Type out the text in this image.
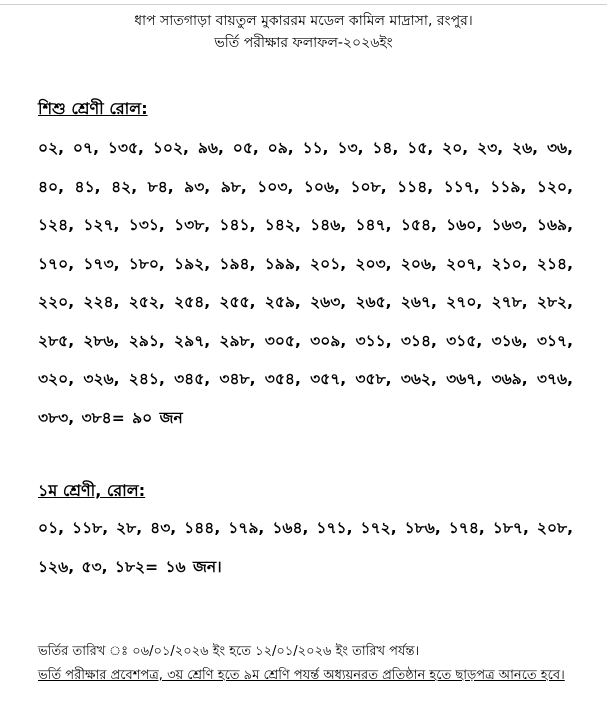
ধাপ সাতগাড়া বায়তুল মুকাররম মডেল কামিল মাদ্রাসা, রংপুর।
ভর্তি পরীক্ষার ফলাফল-২০২৬ইং
শিশু শ্রেণী রোল:
০২, ০৭, ১৩৫, ১০২, ৯৬, ০৫, ০৯, ১১, ১৩, ১৪, ১৫, ২০, ২৩, ২৬, ৩৬, ৪০, ৪১, ৪২, ৮৪, ৯৩, ৯৮, ১০৩, ১০৬, ১০৮, ১১৪, ১১৭, ১১৯, ১২০, ১২৪, ১২৭, ১৩১, ১৩৮, ১৪১, ১৪২, ১৪৬, ১৪৭, ১৫৪, ১৬০, ১৬৩, ১৬৯, ১৭০, ১৭৩, ১৮০, ১৯২, ১৯৪, ১৯৯, ২০১, ২০৩, ২০৬, ২০৭, ২১০, ২১৪, ২২০, ২২৪, ২৫২, ২৫৪, ২৫৫, ২৫৯, ২৬৩, ২৬৫, ২৬৭, ২৭০, ২৭৮, ২৮২, ২৮৫, ২৮৬, ২৯১, ২৯৭, ২৯৮, ৩০৫, ৩০৯, ৩১১, ৩১৪, ৩১৫, ৩১৬, ৩১৭, ৩২০, ৩২৬, ২৪১, ৩৪৫, ৩৪৮, ৩৫৪, ৩৫৭, ৩৫৮, ৩৬২, ৩৬৭, ৩৬৯, ৩৭৬, ৩৮৩, ৩৮৪= ৯০ জন
১ম শ্রেণী, রোল:
০১, ১১৮, ২৮, ৪৩, ১৪৪, ১৭৯, ১৬৪, ১৭১, ১৭২, ১৮৬, ১৭৪, ১৮৭, ২০৮, ১২৬, ৫৩, ১৮২= ১৬ জন।
ভর্তির তারিখ ঃ ০৬/০১/২০২৬ ইং হতে ১২/০১/২০২৬ ইং তারিখ পর্যন্ত।
ভর্তি পরীক্ষার প্রবেশপত্র, ৩য় শ্রেণি হতে ৯ম শ্রেণি পযর্ন্ত অধ্যয়নরত প্রতিষ্ঠান হতে ছাড়পত্র আনতে হবে।
